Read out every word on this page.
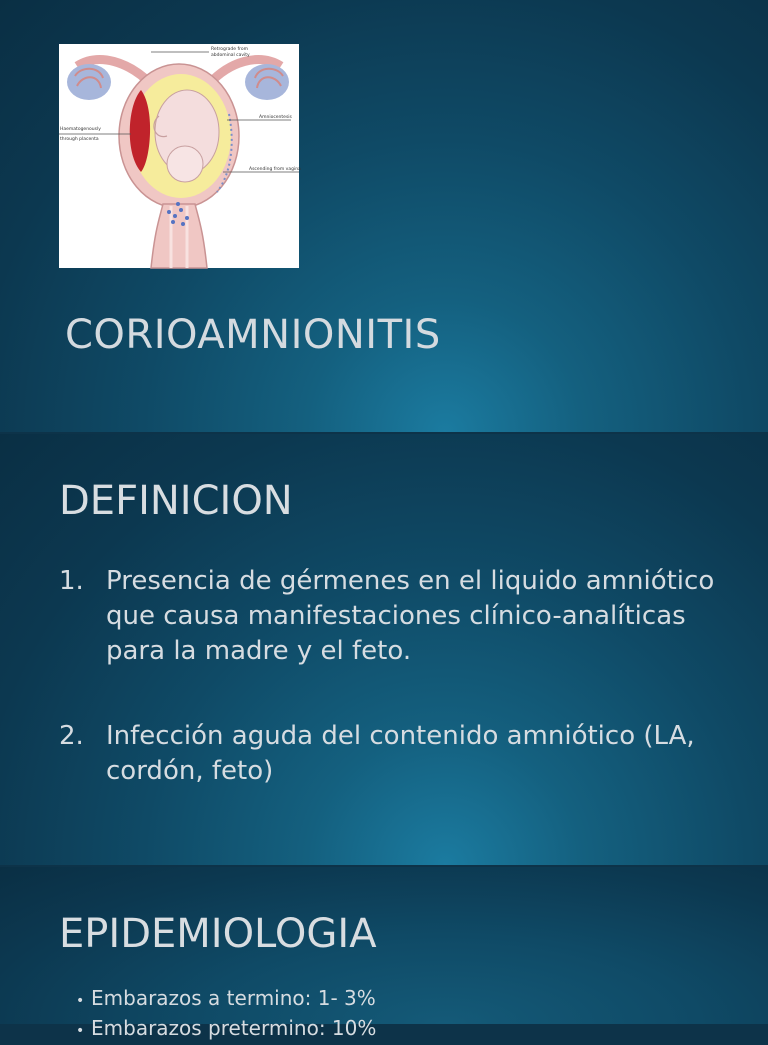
Retrograde from
abdominal cavity
Haematogenously
through placenta
Amniocentesis
Ascending from vagina
CORIOAMNIONITIS
DEFINICION
1. Presencia de gérmenes en el liquido amniótico que causa manifestaciones clínico-analíticas para la madre y el feto.
2. Infección aguda del contenido amniótico (LA, cordón, feto)
EPIDEMIOLOGIA
• Embarazos a termino: 1- 3%
• Embarazos pretermino: 10%
